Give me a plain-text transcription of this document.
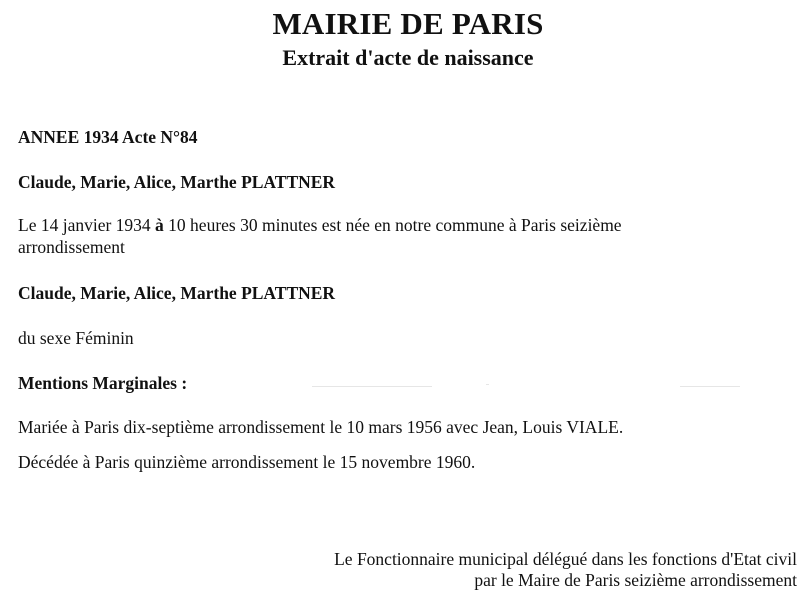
MAIRIE DE PARIS
Extrait d'acte de naissance

ANNEE 1934 Acte N°84

Claude, Marie, Alice, Marthe PLATTNER

Le 14 janvier 1934 à 10 heures 30 minutes est née en notre commune à Paris seizième

arrondissement

Claude, Marie, Alice, Marthe PLATTNER

du sexe Féminin

Mentions Marginales :

Mariée à Paris dix-septième arrondissement le 10 mars 1956 avec Jean, Louis VIALE.

Décédée à Paris quinzième arrondissement le 15 novembre 1960.

Le Fonctionnaire municipal délégué dans les fonctions d'Etat civil
par le Maire de Paris seizième arrondissement
